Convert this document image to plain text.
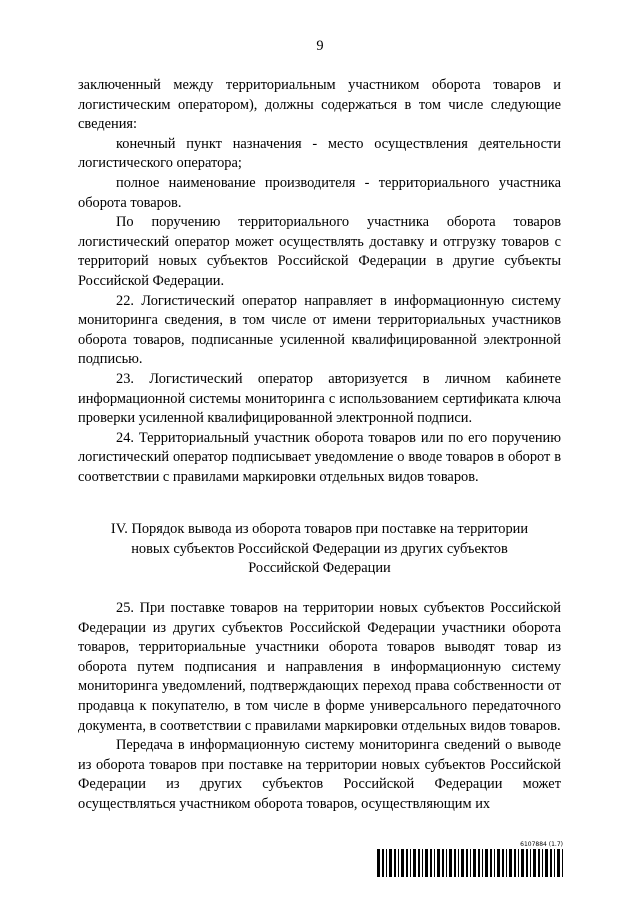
9

заключенный между территориальным участником оборота товаров и логистическим оператором), должны содержаться в том числе следующие сведения:

конечный пункт назначения - место осуществления деятельности логистического оператора;

полное наименование производителя - территориального участника оборота товаров.

По поручению территориального участника оборота товаров логистический оператор может осуществлять доставку и отгрузку товаров с территорий новых субъектов Российской Федерации в другие субъекты Российской Федерации.

22. Логистический оператор направляет в информационную систему мониторинга сведения, в том числе от имени территориальных участников оборота товаров, подписанные усиленной квалифицированной электронной подписью.

23. Логистический оператор авторизуется в личном кабинете информационной системы мониторинга с использованием сертификата ключа проверки усиленной квалифицированной электронной подписи.

24. Территориальный участник оборота товаров или по его поручению логистический оператор подписывает уведомление о вводе товаров в оборот в соответствии с правилами маркировки отдельных видов товаров.

IV. Порядок вывода из оборота товаров при поставке на территории
новых субъектов Российской Федерации из других субъектов
Российской Федерации

25. При поставке товаров на территории новых субъектов Российской Федерации из других субъектов Российской Федерации участники оборота товаров, территориальные участники оборота товаров выводят товар из оборота путем подписания и направления в информационную систему мониторинга уведомлений, подтверждающих переход права собственности от продавца к покупателю, в том числе в форме универсального передаточного документа, в соответствии с правилами маркировки отдельных видов товаров.

Передача в информационную систему мониторинга сведений о выводе из оборота товаров при поставке на территории новых субъектов Российской Федерации из других субъектов Российской Федерации может осуществляться участником оборота товаров, осуществляющим их

6107884 (1.7)
